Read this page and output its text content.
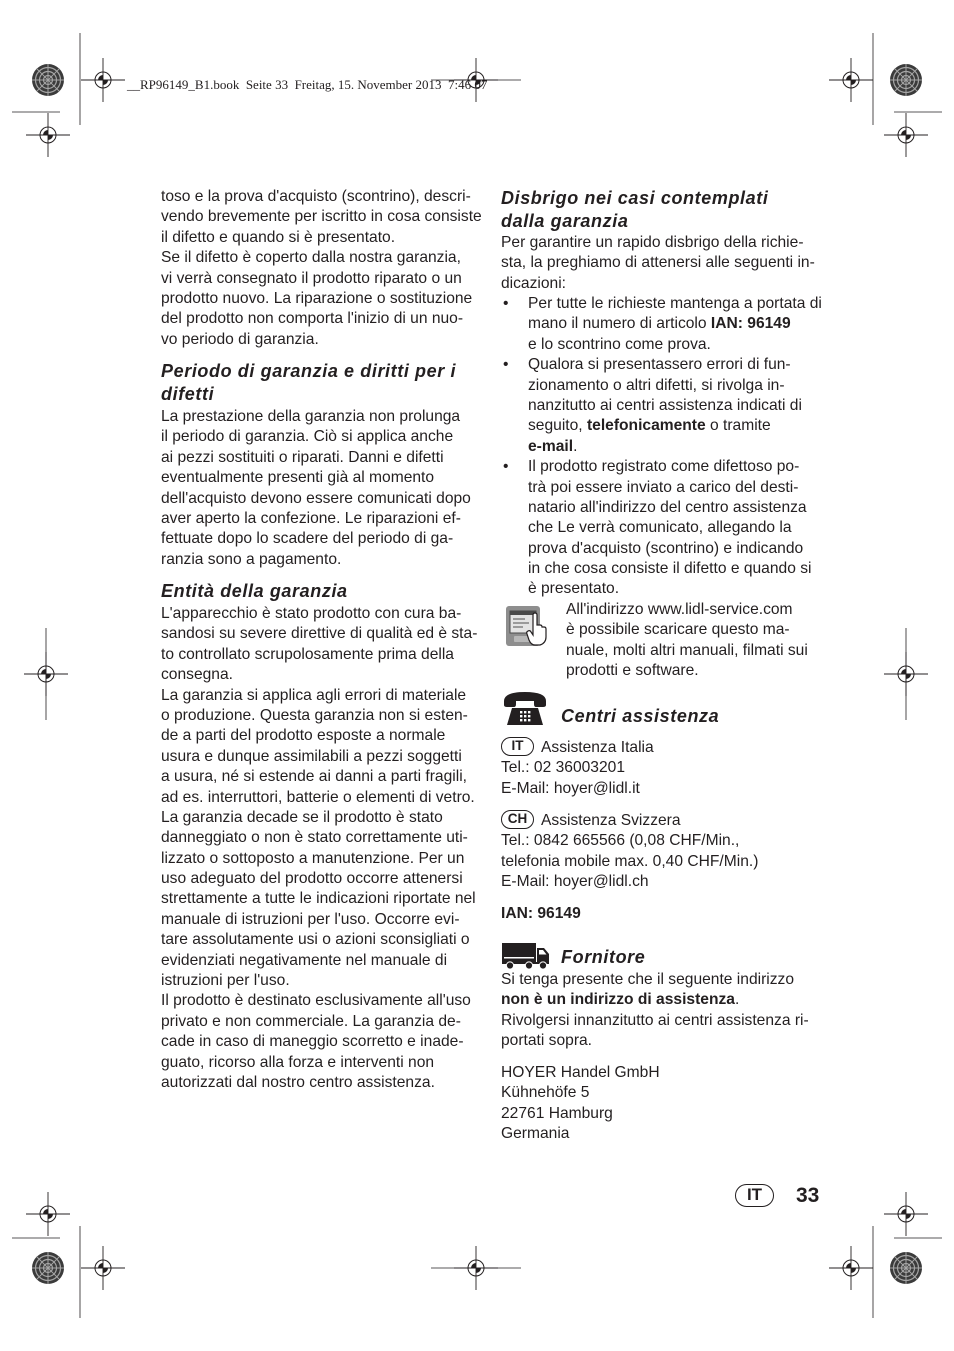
__RP96149_B1.book  Seite 33  Freitag, 15. November 2013  7:46 07
toso e la prova d'acquisto (scontrino), descri-
vendo brevemente per iscritto in cosa consiste
il difetto e quando si è presentato.
Se il difetto è coperto dalla nostra garanzia,
vi verrà consegnato il prodotto riparato o un
prodotto nuovo. La riparazione o sostituzione
del prodotto non comporta l'inizio di un nuo-
vo periodo di garanzia.
Periodo di garanzia e diritti per i
difetti
La prestazione della garanzia non prolunga
il periodo di garanzia. Ciò si applica anche
ai pezzi sostituiti o riparati. Danni e difetti
eventualmente presenti già al momento
dell'acquisto devono essere comunicati dopo
aver aperto la confezione. Le riparazioni ef-
fettuate dopo lo scadere del periodo di ga-
ranzia sono a pagamento.
Entità della garanzia
L'apparecchio è stato prodotto con cura ba-
sandosi su severe direttive di qualità ed è sta-
to controllato scrupolosamente prima della
consegna.
La garanzia si applica agli errori di materiale
o produzione. Questa garanzia non si esten-
de a parti del prodotto esposte a normale
usura e dunque assimilabili a pezzi soggetti
a usura, né si estende ai danni a parti fragili,
ad es. interruttori, batterie o elementi di vetro.
La garanzia decade se il prodotto è stato
danneggiato o non è stato correttamente uti-
lizzato o sottoposto a manutenzione. Per un
uso adeguato del prodotto occorre attenersi
strettamente a tutte le indicazioni riportate nel
manuale di istruzioni per l'uso. Occorre evi-
tare assolutamente usi o azioni sconsigliati o
evidenziati negativamente nel manuale di
istruzioni per l'uso.
Il prodotto è destinato esclusivamente all'uso
privato e non commerciale. La garanzia de-
cade in caso di maneggio scorretto e inade-
guato, ricorso alla forza e interventi non
autorizzati dal nostro centro assistenza.
Disbrigo nei casi contemplati
dalla garanzia
Per garantire un rapido disbrigo della richie-
sta, la preghiamo di attenersi alle seguenti in-
dicazioni:
•
Per tutte le richieste mantenga a portata di
mano il numero di articolo IAN: 96149
e lo scontrino come prova.
•
Qualora si presentassero errori di fun-
zionamento o altri difetti, si rivolga in-
nanzitutto ai centri assistenza indicati di
seguito, telefonicamente o tramite
e-mail.
•
Il prodotto registrato come difettoso po-
trà poi essere inviato a carico del desti-
natario all'indirizzo del centro assistenza
che Le verrà comunicato, allegando la
prova d'acquisto (scontrino) e indicando
in che cosa consiste il difetto e quando si
è presentato.
All'indirizzo www.lidl-service.com
è possibile scaricare questo ma-
nuale, molti altri manuali, filmati sui
prodotti e software.
Centri assistenza
IT Assistenza Italia
Tel.: 02 36003201
E-Mail: hoyer@lidl.it
CH Assistenza Svizzera
Tel.: 0842 665566 (0,08 CHF/Min.,
telefonia mobile max. 0,40 CHF/Min.)
E-Mail: hoyer@lidl.ch
IAN: 96149
Fornitore
Si tenga presente che il seguente indirizzo
non è un indirizzo di assistenza.
Rivolgersi innanzitutto ai centri assistenza ri-
portati sopra.
HOYER Handel GmbH
Kühnehöfe 5
22761 Hamburg
Germania
IT	33
